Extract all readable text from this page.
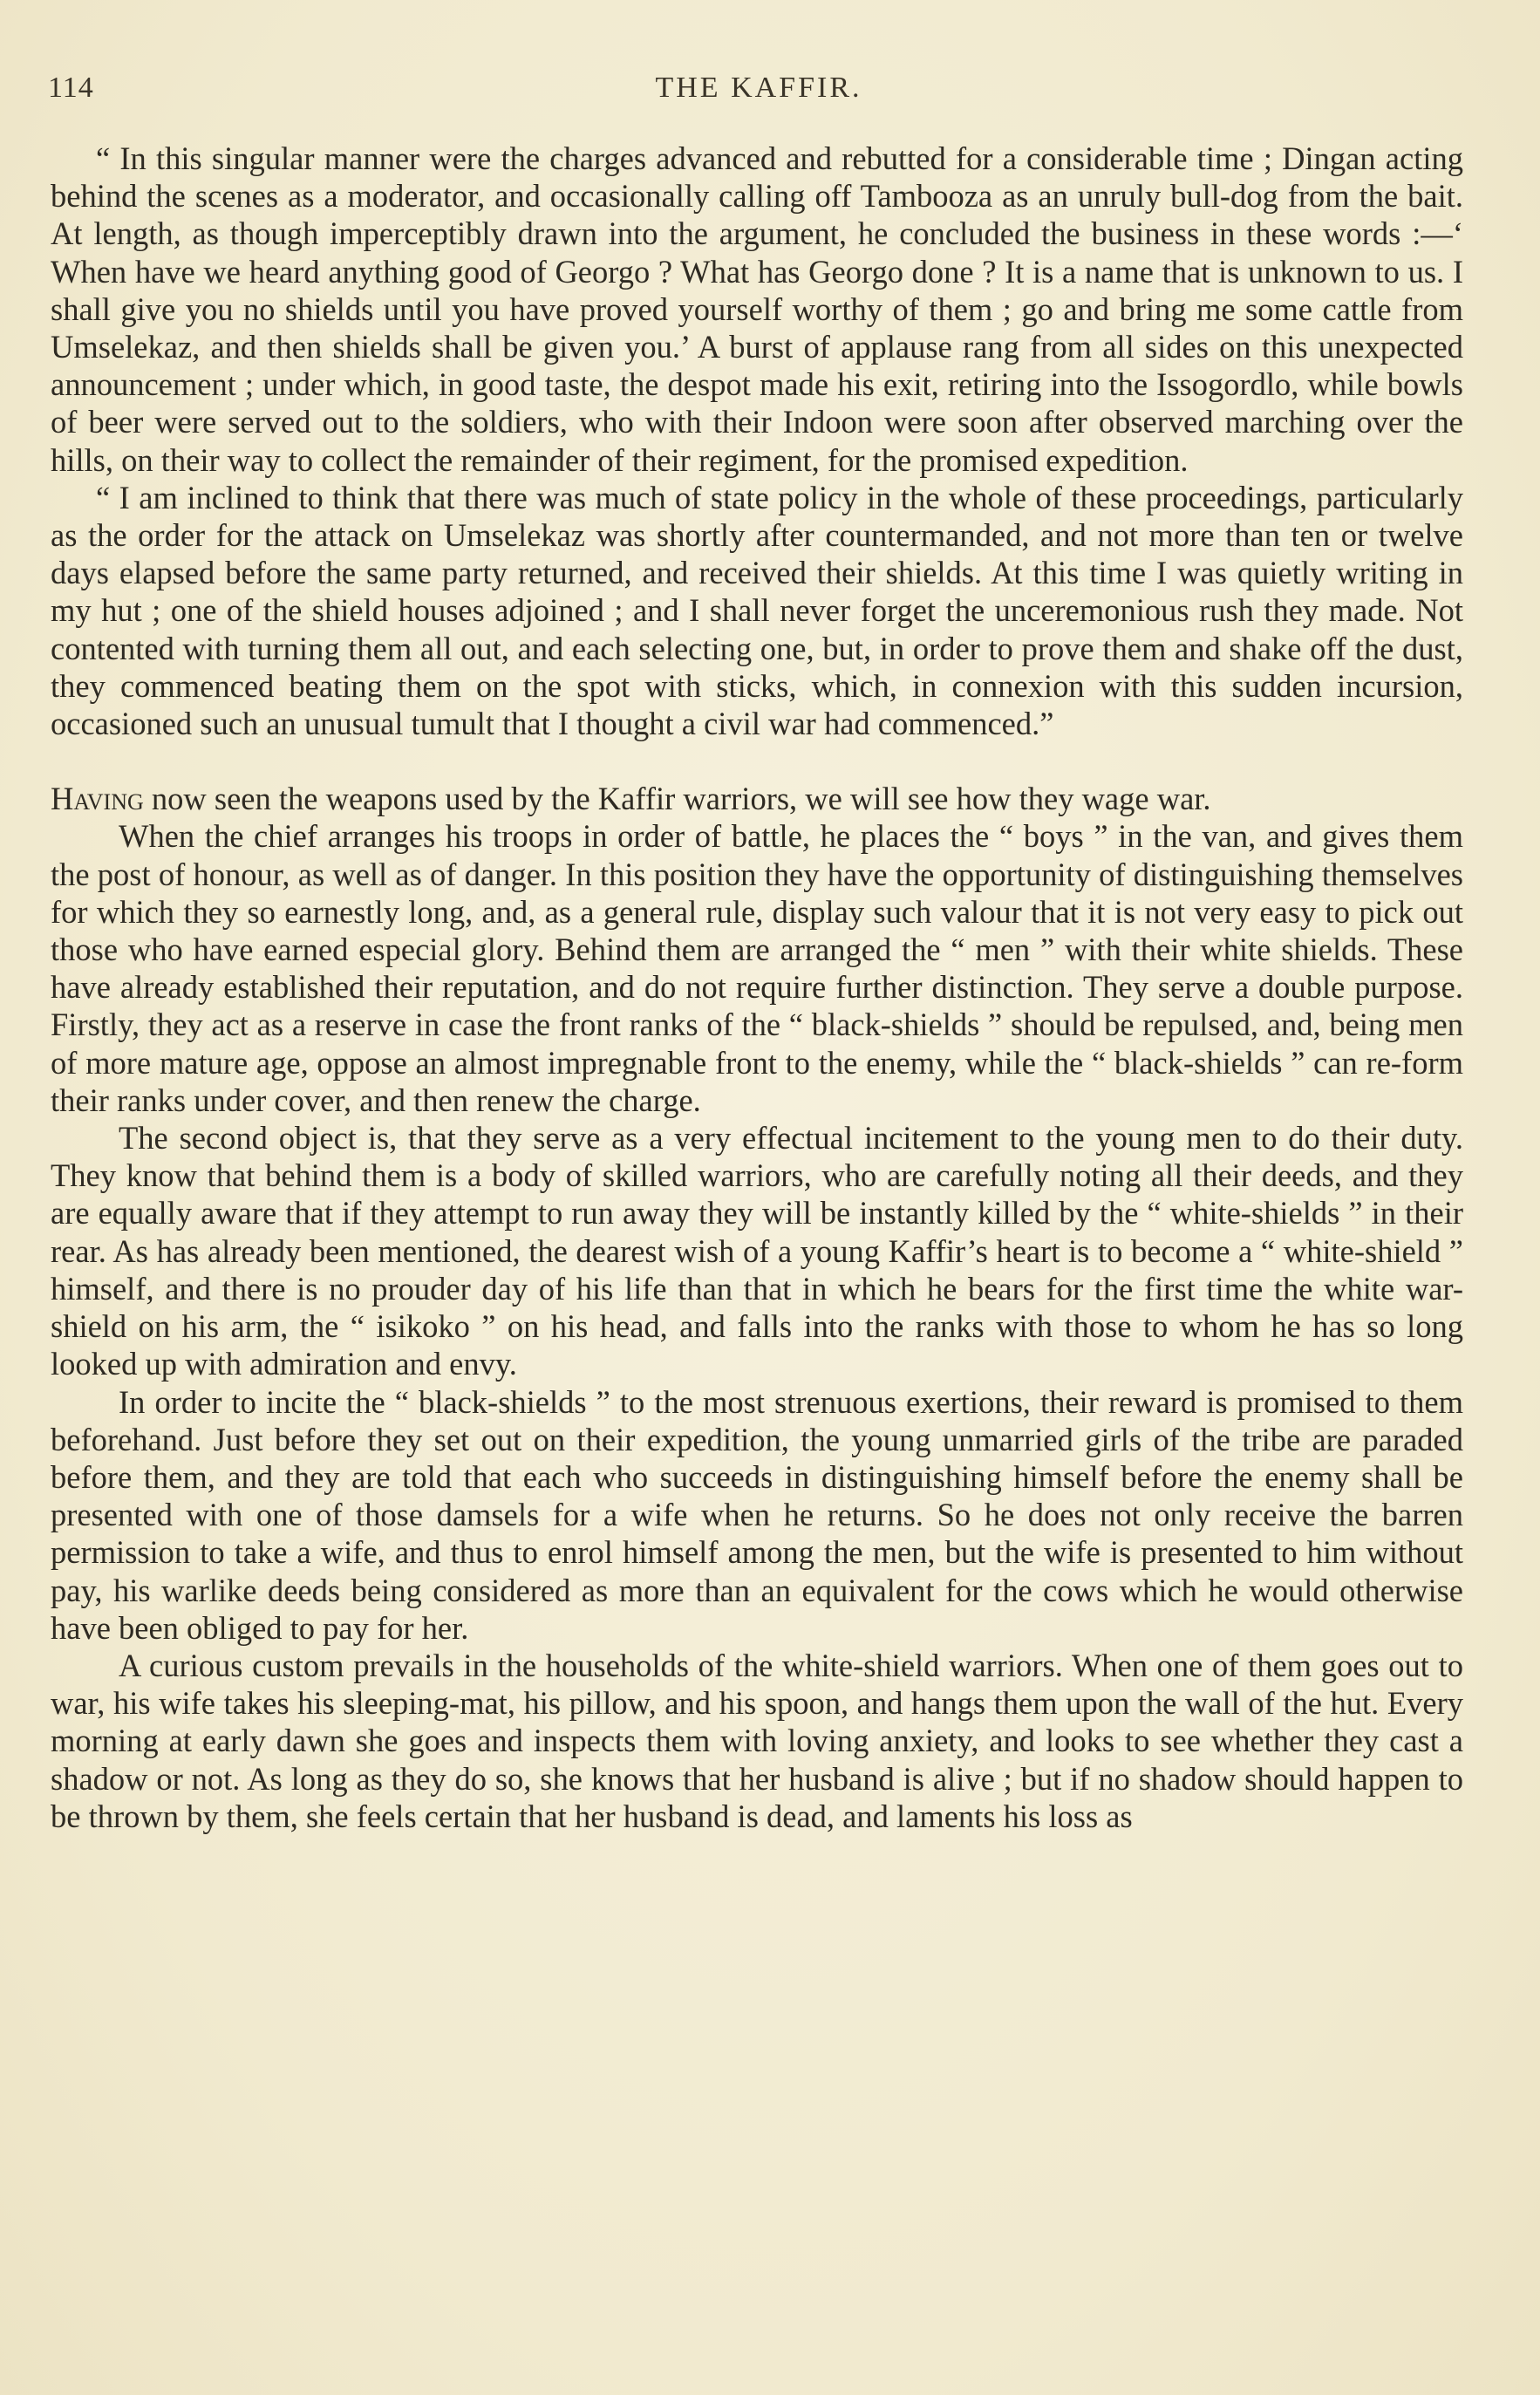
114	THE KAFFIR.

“ In this singular manner were the charges advanced and rebutted for a considerable time ; Dingan acting behind the scenes as a moderator, and occasionally calling off Tambooza as an unruly bull-dog from the bait. At length, as though imperceptibly drawn into the argument, he concluded the business in these words :—‘ When have we heard anything good of Georgo ? What has Georgo done ? It is a name that is unknown to us. I shall give you no shields until you have proved yourself worthy of them ; go and bring me some cattle from Umselekaz, and then shields shall be given you.’ A burst of applause rang from all sides on this unexpected announcement ; under which, in good taste, the despot made his exit, retiring into the Issogordlo, while bowls of beer were served out to the soldiers, who with their Indoon were soon after observed marching over the hills, on their way to collect the remainder of their regiment, for the promised expedition.

“ I am inclined to think that there was much of state policy in the whole of these proceedings, particularly as the order for the attack on Umselekaz was shortly after countermanded, and not more than ten or twelve days elapsed before the same party returned, and received their shields. At this time I was quietly writing in my hut ; one of the shield houses adjoined ; and I shall never forget the unceremonious rush they made. Not contented with turning them all out, and each selecting one, but, in order to prove them and shake off the dust, they commenced beating them on the spot with sticks, which, in connexion with this sudden incursion, occasioned such an unusual tumult that I thought a civil war had commenced.”

Having now seen the weapons used by the Kaffir warriors, we will see how they wage war.

When the chief arranges his troops in order of battle, he places the “ boys ” in the van, and gives them the post of honour, as well as of danger. In this position they have the opportunity of distinguishing themselves for which they so earnestly long, and, as a general rule, display such valour that it is not very easy to pick out those who have earned especial glory. Behind them are arranged the “ men ” with their white shields. These have already established their reputation, and do not require further distinction. They serve a double purpose. Firstly, they act as a reserve in case the front ranks of the “ black-shields ” should be repulsed, and, being men of more mature age, oppose an almost impregnable front to the enemy, while the “ black-shields ” can re-form their ranks under cover, and then renew the charge.

The second object is, that they serve as a very effectual incitement to the young men to do their duty. They know that behind them is a body of skilled warriors, who are carefully noting all their deeds, and they are equally aware that if they attempt to run away they will be instantly killed by the “ white-shields ” in their rear. As has already been mentioned, the dearest wish of a young Kaffir’s heart is to become a “ white-shield ” himself, and there is no prouder day of his life than that in which he bears for the first time the white war-shield on his arm, the “ isikoko ” on his head, and falls into the ranks with those to whom he has so long looked up with admiration and envy.

In order to incite the “ black-shields ” to the most strenuous exertions, their reward is promised to them beforehand. Just before they set out on their expedition, the young unmarried girls of the tribe are paraded before them, and they are told that each who succeeds in distinguishing himself before the enemy shall be presented with one of those damsels for a wife when he returns. So he does not only receive the barren permission to take a wife, and thus to enrol himself among the men, but the wife is presented to him without pay, his warlike deeds being considered as more than an equivalent for the cows which he would otherwise have been obliged to pay for her.

A curious custom prevails in the households of the white-shield warriors. When one of them goes out to war, his wife takes his sleeping-mat, his pillow, and his spoon, and hangs them upon the wall of the hut. Every morning at early dawn she goes and inspects them with loving anxiety, and looks to see whether they cast a shadow or not. As long as they do so, she knows that her husband is alive ; but if no shadow should happen to be thrown by them, she feels certain that her husband is dead, and laments his loss as
